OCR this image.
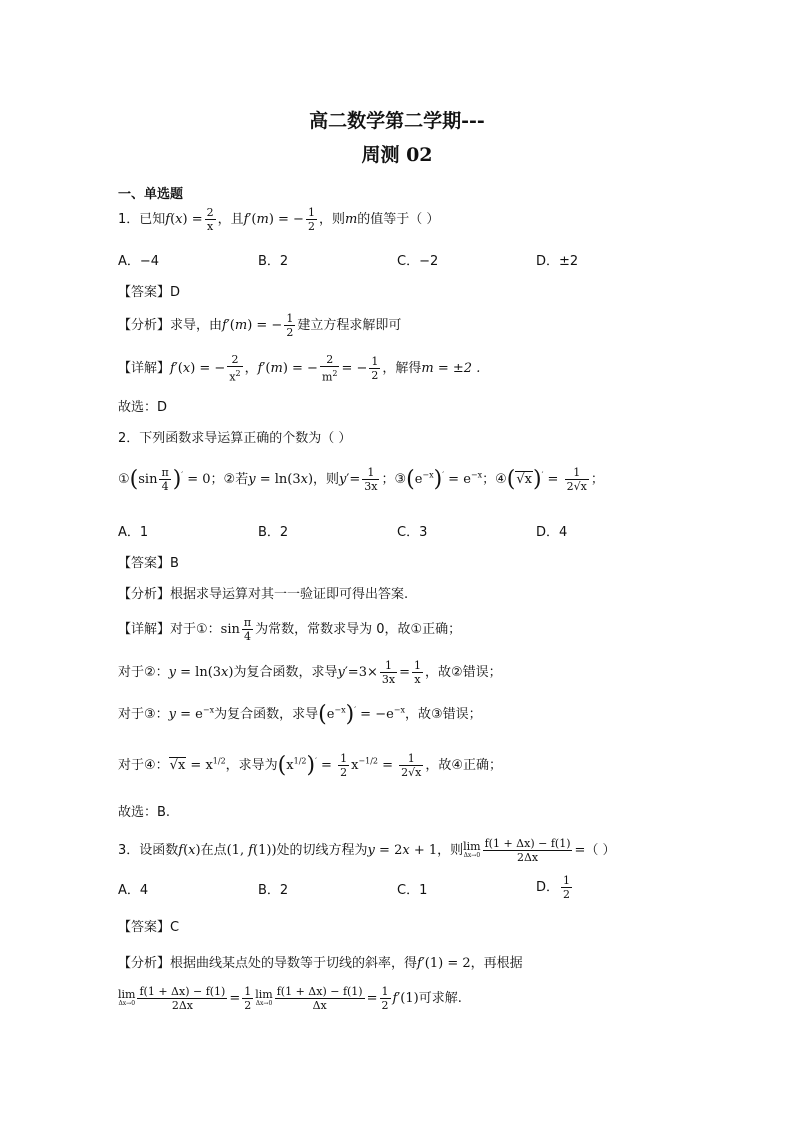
高二数学第二学期---
周测 02
一、单选题
1．已知$f(x) = \frac{2}{x}$ ，且f′(m) = − $\frac{1}{2}$ ，则m的值等于（ ）
A．−4	B．2	C．−2	D．±2
【答案】D
【分析】求导，由f′(m) = − $\frac{1}{2}$ 建立方程求解即可
【详解】f′(x) = − $\frac{2}{x^2}$ ，f′(m) = − $\frac{2}{m^2}$ = − $\frac{1}{2}$ ，解得m = ±2 .
故选：D
2．下列函数求导运算正确的个数为（ ）
①(sin $\frac{\pi}{4} )' = 0$；②若y = ln(3x)，则$y'= \frac{1}{3x}$ ；$③(e^{-x})' = e^{-x}$；④(√x)′ = $\frac{1}{2√x}$ ；
A．1	B．2	C．3	D．4
【答案】B
【分析】根据求导运算对其一一验证即可得出答案.
【详解】对于①：$\sin \frac{\pi}{4}$ 为常数，常数求导为 0，故①正确；
对于②：y = ln(3x)为复合函数，求导$y'=3\times \frac{1}{3x} = \frac{1}{x}$ ，故②错误；
对于③：$y = e^{-x}$为复合函数，求导$(e^{-x})' = -e^{-x}$，故③错误；
对于④：$√x = x^{1/2}$，求导为$(x^{1/2})' = \frac{1}{2} x^{-1/2} = \frac{1}{2√x}$ ，故④正确；
故选：B.
3．设函数f(x)在点(1, f(1))处的切线方程为y = 2x + 1，则lim
$\Delta x\to 0 \frac{f(1 + \Delta x) - f(1)}{2\Delta x}$ =（ ）
A．4	B．2	C．1	D． $\frac{1}{2}$
【答案】C
【分析】根据曲线某点处的导数等于切线的斜率，得f′(1) = 2，再根据
lim
$\Delta x\to 0 \frac{f(1 + \Delta x) - f(1)}{2\Delta x} = \frac{1}{2}$ lim
$\Delta x\to 0 \frac{f(1 + \Delta x) - f(1)}{\Delta x} = \frac{1}{2} f'(1)$可求解.
